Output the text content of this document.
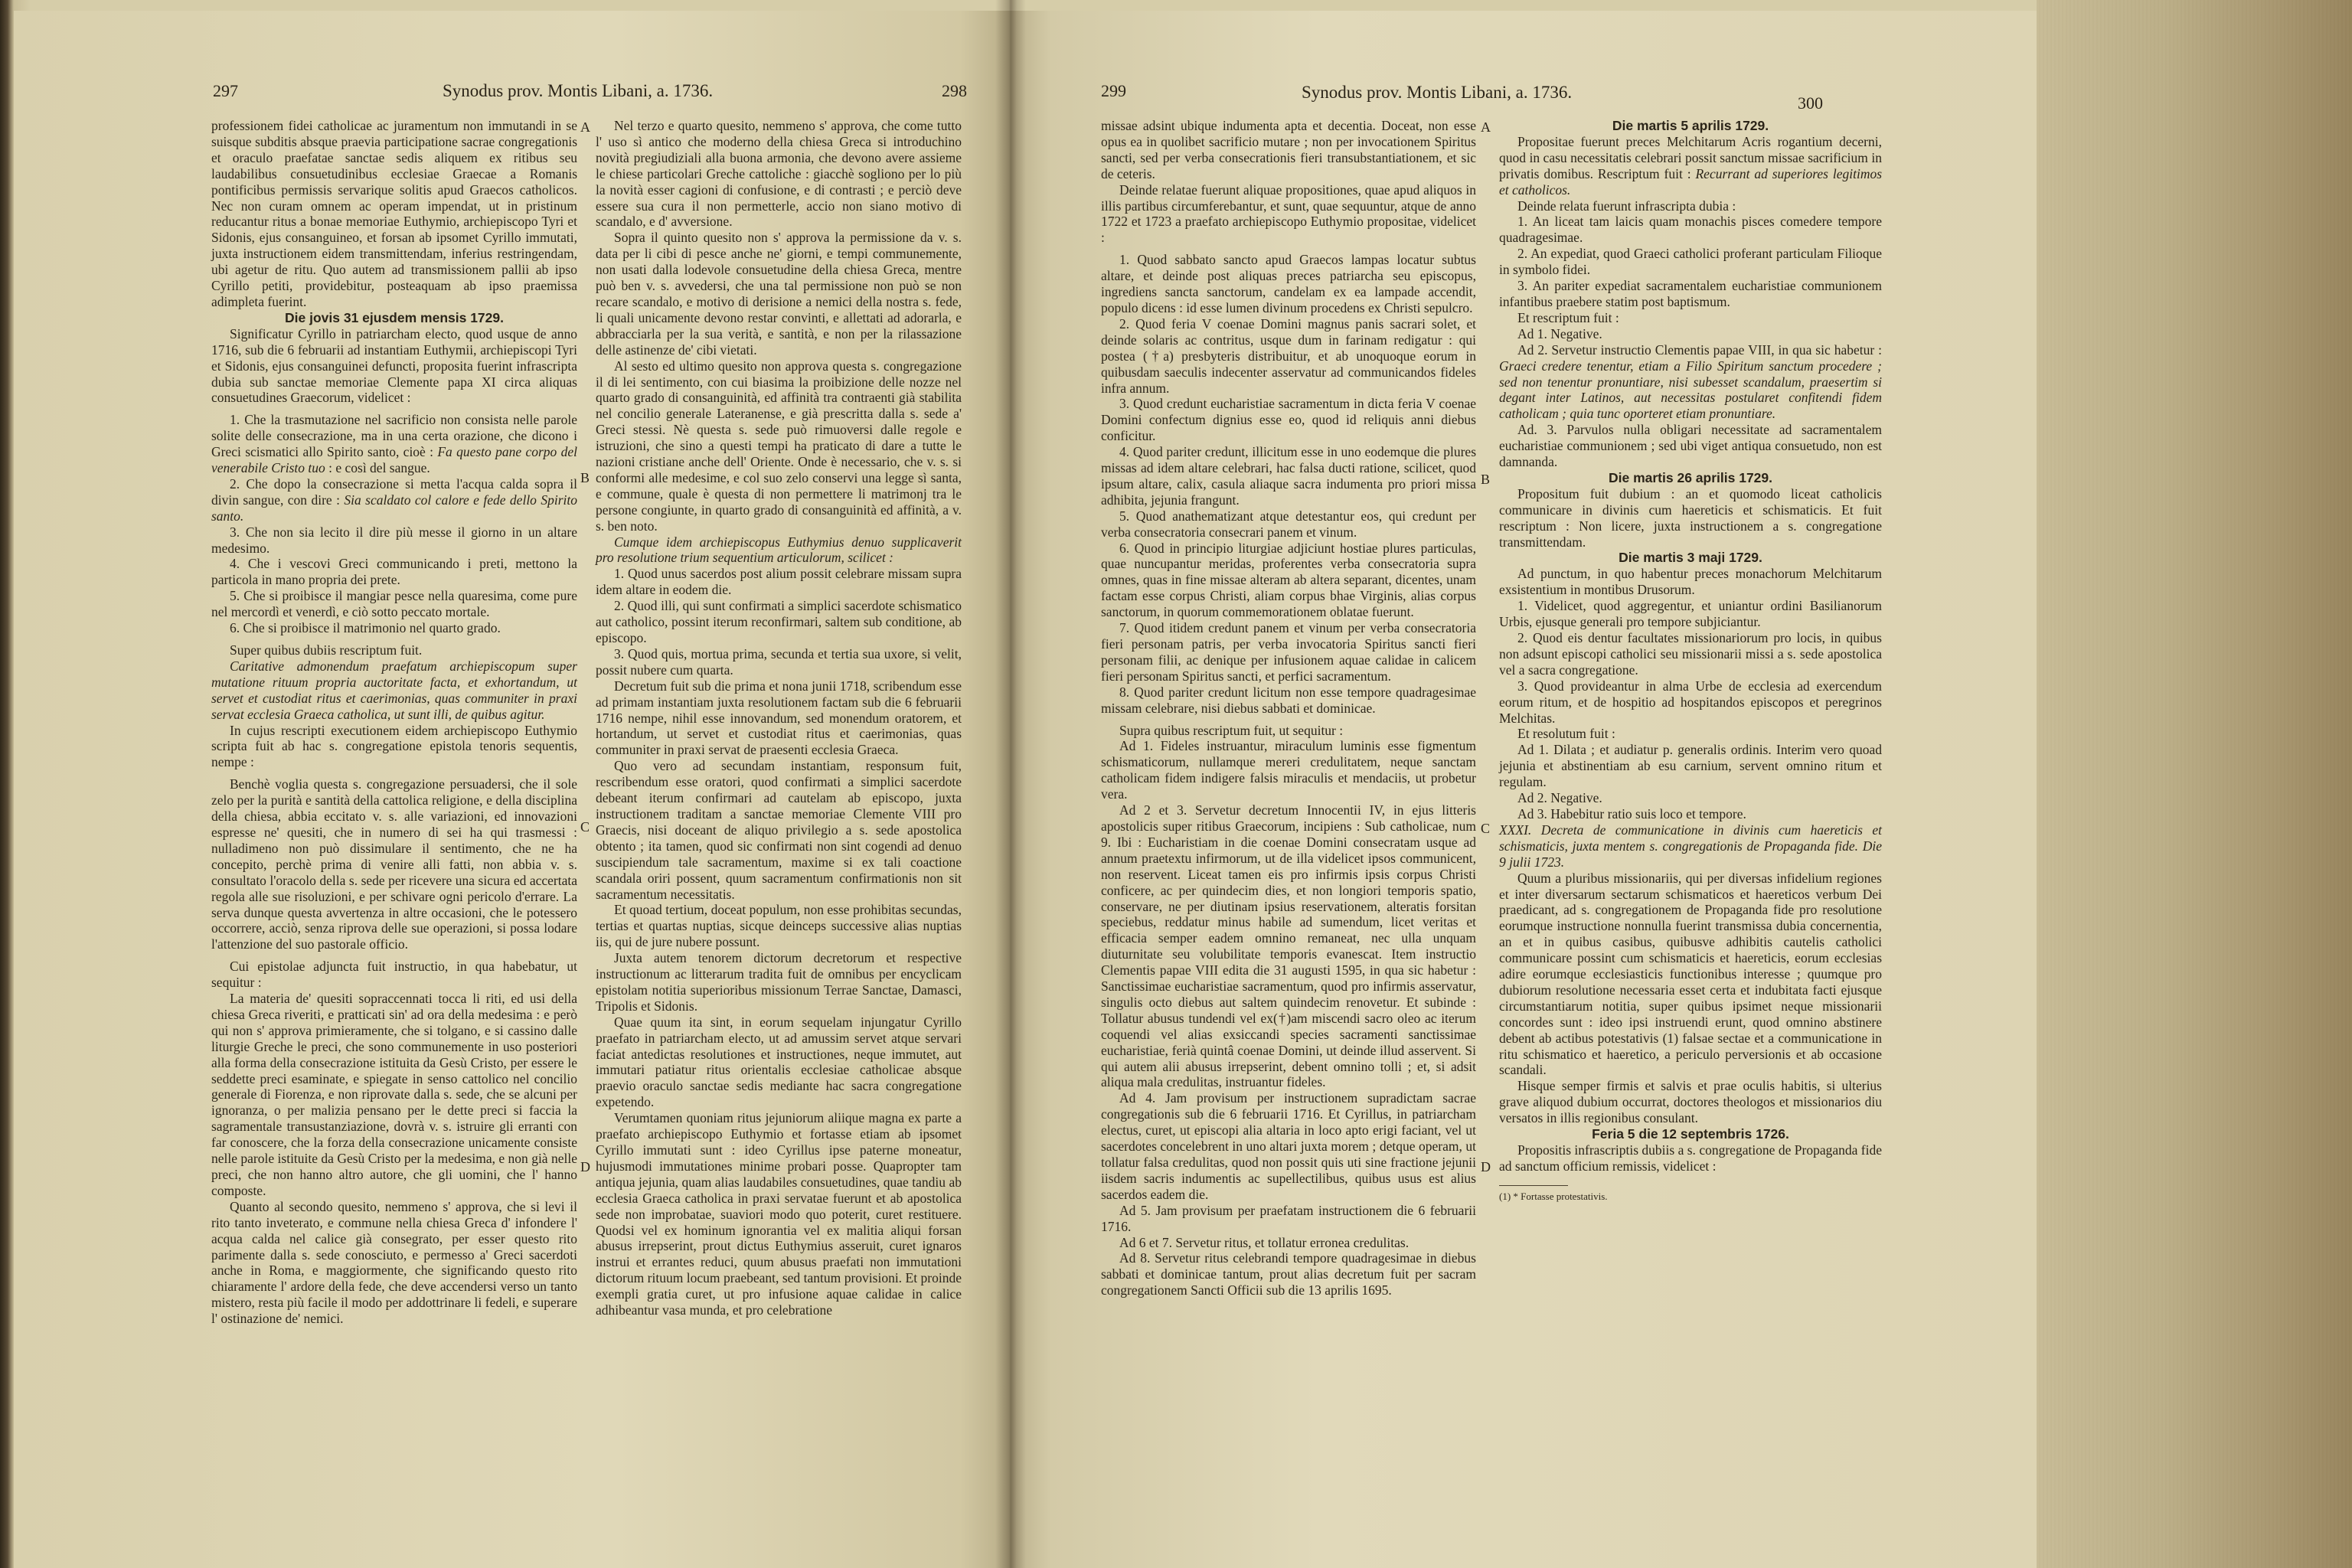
297	298
Synodus prov. Montis Libani, a. 1736.
A
B
C
D

professionem fidei catholicae ac juramentum non immutandi in se suisque subditis absque praevia participatione sacrae congregationis et oraculo praefatae sanctae sedis aliquem ex ritibus seu laudabilibus consuetudinibus ecclesiae Graecae a Romanis pontificibus permissis servarique solitis apud Graecos catholicos. Nec non curam omnem ac operam impendat, ut in pristinum reducantur ritus a bonae memoriae Euthymio, archiepiscopo Tyri et Sidonis, ejus consanguineo, et forsan ab ipsomet Cyrillo immutati, juxta instructionem eidem transmittendam, inferius restringendam, ubi agetur de ritu. Quo autem ad transmissionem pallii ab ipso Cyrillo petiti, providebitur, posteaquam ab ipso praemissa adimpleta fuerint.

Die jovis 31 ejusdem mensis 1729.

Significatur Cyrillo in patriarcham electo, quod usque de anno 1716, sub die 6 februarii ad instantiam Euthymii, archiepiscopi Tyri et Sidonis, ejus consanguinei defuncti, proposita fuerint infrascripta dubia sub sanctae memoriae Clemente papa XI circa aliquas consuetudines Graecorum, videlicet :

1. Che la trasmutazione nel sacrificio non consista nelle parole solite delle consecrazione, ma in una certa orazione, che dicono i Greci scismatici allo Spirito santo, cioè : Fa questo pane corpo del venerabile Cristo tuo : e così del sangue.

2. Che dopo la consecrazione si metta l'acqua calda sopra il divin sangue, con dire : Sia scaldato col calore e fede dello Spirito santo.

3. Che non sia lecito il dire più messe il giorno in un altare medesimo.

4. Che i vescovi Greci communicando i preti, mettono la particola in mano propria dei prete.

5. Che si proibisce il mangiar pesce nella quaresima, come pure nel mercordì et venerdì, e ciò sotto peccato mortale.

6. Che si proibisce il matrimonio nel quarto grado.

Super quibus dubiis rescriptum fuit.

Caritative admonendum praefatum archiepiscopum super mutatione rituum propria auctoritate facta, et exhortandum, ut servet et custodiat ritus et caerimonias, quas communiter in praxi servat ecclesia Graeca catholica, ut sunt illi, de quibus agitur.

In cujus rescripti executionem eidem archiepiscopo Euthymio scripta fuit ab hac s. congregatione epistola tenoris sequentis, nempe :

Benchè voglia questa s. congregazione persuadersi, che il sole zelo per la purità e santità della cattolica religione, e della disciplina della chiesa, abbia eccitato v. s. alle variazioni, ed innovazioni espresse ne' quesiti, che in numero di sei ha qui trasmessi : nulladimeno non può dissimulare il sentimento, che ne ha concepito, perchè prima di venire alli fatti, non abbia v. s. consultato l'oracolo della s. sede per ricevere una sicura ed accertata regola alle sue risoluzioni, e per schivare ogni pericolo d'errare. La serva dunque questa avvertenza in altre occasioni, che le potessero occorrere, acciò, senza riprova delle sue operazioni, si possa lodare l'attenzione del suo pastorale officio.

Cui epistolae adjuncta fuit instructio, in qua habebatur, ut sequitur :

La materia de' quesiti sopraccennati tocca li riti, ed usi della chiesa Greca riveriti, e pratticati sin' ad ora della medesima : e però qui non s' approva primieramente, che si tolgano, e si cassino dalle liturgie Greche le preci, che sono communemente in uso posteriori alla forma della consecrazione istituita da Gesù Cristo, per essere le seddette preci esaminate, e spiegate in senso cattolico nel concilio generale di Fiorenza, e non riprovate dalla s. sede, che se alcuni per ignoranza, o per malizia pensano per le dette preci si faccia la sagramentale transustanziazione, dovrà v. s. istruire gli erranti con far conoscere, che la forza della consecrazione unicamente consiste nelle parole istituite da Gesù Cristo per la medesima, e non già nelle preci, che non hanno altro autore, che gli uomini, che l' hanno composte.

Quanto al secondo quesito, nemmeno s' approva, che si levi il rito tanto inveterato, e commune nella chiesa Greca d' infondere l' acqua calda nel calice già consegrato, per esser questo rito parimente dalla s. sede conosciuto, e permesso a' Greci sacerdoti anche in Roma, e maggiormente, che significando questo rito chiaramente l' ardore della fede, che deve accendersi verso un tanto mistero, resta più facile il modo per addottrinare li fedeli, e superare l' ostinazione de' nemici.

Nel terzo e quarto quesito, nemmeno s' approva, che come tutto l' uso sì antico che moderno della chiesa Greca si introduchino novità pregiudiziali alla buona armonia, che devono avere assieme le chiese particolari Greche cattoliche : giacchè sogliono per lo più la novità esser cagioni di confusione, e di contrasti ; e perciò deve essere sua cura il non permetterle, accio non siano motivo di scandalo, e d' avversione.

Sopra il quinto quesito non s' approva la permissione da v. s. data per li cibi di pesce anche ne' giorni, e tempi communemente, non usati dalla lodevole consuetudine della chiesa Greca, mentre può ben v. s. avvedersi, che una tal permissione non può se non recare scandalo, e motivo di derisione a nemici della nostra s. fede, li quali unicamente devono restar convinti, e allettati ad adorarla, e abbracciarla per la sua verità, e santità, e non per la rilassazione delle astinenze de' cibi vietati.

Al sesto ed ultimo quesito non approva questa s. congregazione il di lei sentimento, con cui biasima la proibizione delle nozze nel quarto grado di consanguinità, ed affinità tra contraenti già stabilita nel concilio generale Lateranense, e già prescritta dalla s. sede a' Greci stessi. Nè questa s. sede può rimuoversi dalle regole e istruzioni, che sino a questi tempi ha praticato di dare a tutte le nazioni cristiane anche dell' Oriente. Onde è necessario, che v. s. si conformi alle medesime, e col suo zelo conservi una legge sì santa, e commune, quale è questa di non permettere li matrimonj tra le persone congiunte, in quarto grado di consanguinità ed affinità, a v. s. ben noto.

Cumque idem archiepiscopus Euthymius denuo supplicaverit pro resolutione trium sequentium articulorum, scilicet :

1. Quod unus sacerdos post alium possit celebrare missam supra idem altare in eodem die.

2. Quod illi, qui sunt confirmati a simplici sacerdote schismatico aut catholico, possint iterum reconfirmari, saltem sub conditione, ab episcopo.

3. Quod quis, mortua prima, secunda et tertia sua uxore, si velit, possit nubere cum quarta.

Decretum fuit sub die prima et nona junii 1718, scribendum esse ad primam instantiam juxta resolutionem factam sub die 6 februarii 1716 nempe, nihil esse innovandum, sed monendum oratorem, et hortandum, ut servet et custodiat ritus et caerimonias, quas communiter in praxi servat de praesenti ecclesia Graeca.

Quo vero ad secundam instantiam, responsum fuit, rescribendum esse oratori, quod confirmati a simplici sacerdote debeant iterum confirmari ad cautelam ab episcopo, juxta instructionem traditam a sanctae memoriae Clemente VIII pro Graecis, nisi doceant de aliquo privilegio a s. sede apostolica obtento ; ita tamen, quod sic confirmati non sint cogendi ad denuo suscipiendum tale sacramentum, maxime si ex tali coactione scandala oriri possent, quum sacramentum confirmationis non sit sacramentum necessitatis.

Et quoad tertium, doceat populum, non esse prohibitas secundas, tertias et quartas nuptias, sicque deinceps successive alias nuptias iis, qui de jure nubere possunt.

Juxta autem tenorem dictorum decretorum et respective instructionum ac litterarum tradita fuit de omnibus per encyclicam epistolam notitia superioribus missionum Terrae Sanctae, Damasci, Tripolis et Sidonis.

Quae quum ita sint, in eorum sequelam injungatur Cyrillo praefato in patriarcham electo, ut ad amussim servet atque servari faciat antedictas resolutiones et instructiones, neque immutet, aut immutari patiatur ritus orientalis ecclesiae catholicae absque praevio oraculo sanctae sedis mediante hac sacra congregatione expetendo.

Verumtamen quoniam ritus jejuniorum aliique magna ex parte a praefato archiepiscopo Euthymio et fortasse etiam ab ipsomet Cyrillo immutati sunt : ideo Cyrillus ipse paterne moneatur, hujusmodi immutationes minime probari posse. Quapropter tam antiqua jejunia, quam alias laudabiles consuetudines, quae tandiu ab ecclesia Graeca catholica in praxi servatae fuerunt et ab apostolica sede non improbatae, suaviori modo quo poterit, curet restituere. Quodsi vel ex hominum ignorantia vel ex malitia aliqui forsan abusus irrepserint, prout dictus Euthymius asseruit, curet ignaros instrui et errantes reduci, quum abusus praefati non immutationi dictorum rituum locum praebeant, sed tantum provisioni. Et proinde exempli gratia curet, ut pro infusione aquae calidae in calice adhibeantur vasa munda, et pro celebratione

299
300
Synodus prov. Montis Libani, a. 1736.
A
B
C
D

missae adsint ubique indumenta apta et decentia. Doceat, non esse opus ea in quolibet sacrificio mutare ; non per invocationem Spiritus sancti, sed per verba consecrationis fieri transubstantiationem, et sic de ceteris.

Deinde relatae fuerunt aliquae propositiones, quae apud aliquos in illis partibus circumferebantur, et sunt, quae sequuntur, atque de anno 1722 et 1723 a praefato archiepiscopo Euthymio propositae, videlicet :

1. Quod sabbato sancto apud Graecos lampas locatur subtus altare, et deinde post aliquas preces patriarcha seu episcopus, ingrediens sancta sanctorum, candelam ex ea lampade accendit, populo dicens : id esse lumen divinum procedens ex Christi sepulcro.

2. Quod feria V coenae Domini magnus panis sacrari solet, et deinde solaris ac contritus, usque dum in farinam redigatur : qui postea (†a) presbyteris distribuitur, et ab unoquoque eorum in quibusdam saeculis indecenter asservatur ad communicandos fideles infra annum.

3. Quod credunt eucharistiae sacramentum in dicta feria V coenae Domini confectum dignius esse eo, quod id reliquis anni diebus conficitur.

4. Quod pariter credunt, illicitum esse in uno eodemque die plures missas ad idem altare celebrari, hac falsa ducti ratione, scilicet, quod ipsum altare, calix, casula aliaque sacra indumenta pro priori missa adhibita, jejunia frangunt.

5. Quod anathematizant atque detestantur eos, qui credunt per verba consecratoria consecrari panem et vinum.

6. Quod in principio liturgiae adjiciunt hostiae plures particulas, quae nuncupantur meridas, proferentes verba consecratoria supra omnes, quas in fine missae alteram ab altera separant, dicentes, unam factam esse corpus Christi, aliam corpus bhae Virginis, alias corpus sanctorum, in quorum commemorationem oblatae fuerunt.

7. Quod itidem credunt panem et vinum per verba consecratoria fieri personam patris, per verba invocatoria Spiritus sancti fieri personam filii, ac denique per infusionem aquae calidae in calicem fieri personam Spiritus sancti, et perfici sacramentum.

8. Quod pariter credunt licitum non esse tempore quadragesimae missam celebrare, nisi diebus sabbati et dominicae.

Supra quibus rescriptum fuit, ut sequitur :

Ad 1. Fideles instruantur, miraculum luminis esse figmentum schismaticorum, nullamque mereri credulitatem, neque sanctam catholicam fidem indigere falsis miraculis et mendaciis, ut probetur vera.

Ad 2 et 3. Servetur decretum Innocentii IV, in ejus litteris apostolicis super ritibus Graecorum, incipiens : Sub catholicae, num 9. Ibi : Eucharistiam in die coenae Domini consecratam usque ad annum praetextu infirmorum, ut de illa videlicet ipsos communicent, non reservent. Liceat tamen eis pro infirmis ipsis corpus Christi conficere, ac per quindecim dies, et non longiori temporis spatio, conservare, ne per diutinam ipsius reservationem, alteratis forsitan speciebus, reddatur minus habile ad sumendum, licet veritas et efficacia semper eadem omnino remaneat, nec ulla unquam diuturnitate seu volubilitate temporis evanescat. Item instructio Clementis papae VIII edita die 31 augusti 1595, in qua sic habetur : Sanctissimae eucharistiae sacramentum, quod pro infirmis asservatur, singulis octo diebus aut saltem quindecim renovetur. Et subinde : Tollatur abusus tundendi vel ex(†)am miscendi sacro oleo ac iterum coquendi vel alias exsiccandi species sacramenti sanctissimae eucharistiae, ferià quintâ coenae Domini, ut deinde illud asservent. Si qui autem alii abusus irrepserint, debent omnino tolli ; et, si adsit aliqua mala credulitas, instruantur fideles.

Ad 4. Jam provisum per instructionem supradictam sacrae congregationis sub die 6 februarii 1716. Et Cyrillus, in patriarcham electus, curet, ut episcopi alia altaria in loco apto erigi faciant, vel ut sacerdotes concelebrent in uno altari juxta morem ; detque operam, ut tollatur falsa credulitas, quod non possit quis uti sine fractione jejunii iisdem sacris indumentis ac supellectilibus, quibus usus est alius sacerdos eadem die.

Ad 5. Jam provisum per praefatam instructionem die 6 februarii 1716.

Ad 6 et 7. Servetur ritus, et tollatur erronea credulitas.

Ad 8. Servetur ritus celebrandi tempore quadragesimae in diebus sabbati et dominicae tantum, prout alias decretum fuit per sacram congregationem Sancti Officii sub die 13 aprilis 1695.

Die martis 5 aprilis 1729.

Propositae fuerunt preces Melchitarum Acris rogantium decerni, quod in casu necessitatis celebrari possit sanctum missae sacrificium in privatis domibus. Rescriptum fuit : Recurrant ad superiores legitimos et catholicos.

Deinde relata fuerunt infrascripta dubia :

1. An liceat tam laicis quam monachis pisces comedere tempore quadragesimae.

2. An expediat, quod Graeci catholici proferant particulam Filioque in symbolo fidei.

3. An pariter expediat sacramentalem eucharistiae communionem infantibus praebere statim post baptismum.

Et rescriptum fuit :

Ad 1. Negative.

Ad 2. Servetur instructio Clementis papae VIII, in qua sic habetur : Graeci credere tenentur, etiam a Filio Spiritum sanctum procedere ; sed non tenentur pronuntiare, nisi subesset scandalum, praesertim si degant inter Latinos, aut necessitas postularet confitendi fidem catholicam ; quia tunc oporteret etiam pronuntiare.

Ad. 3. Parvulos nulla obligari necessitate ad sacramentalem eucharistiae communionem ; sed ubi viget antiqua consuetudo, non est damnanda.

Die martis 26 aprilis 1729.

Propositum fuit dubium : an et quomodo liceat catholicis communicare in divinis cum haereticis et schismaticis. Et fuit rescriptum : Non licere, juxta instructionem a s. congregatione transmittendam.

Die martis 3 maji 1729.

Ad punctum, in quo habentur preces monachorum Melchitarum exsistentium in montibus Drusorum.

1. Videlicet, quod aggregentur, et uniantur ordini Basilianorum Urbis, ejusque generali pro tempore subjiciantur.

2. Quod eis dentur facultates missionariorum pro locis, in quibus non adsunt episcopi catholici seu missionarii missi a s. sede apostolica vel a sacra congregatione.

3. Quod provideantur in alma Urbe de ecclesia ad exercendum eorum ritum, et de hospitio ad hospitandos episcopos et peregrinos Melchitas.

Et resolutum fuit :

Ad 1. Dilata ; et audiatur p. generalis ordinis. Interim vero quoad jejunia et abstinentiam ab esu carnium, servent omnino ritum et regulam.

Ad 2. Negative.

Ad 3. Habebitur ratio suis loco et tempore.

XXXI. Decreta de communicatione in divinis cum haereticis et schismaticis, juxta mentem s. congregationis de Propaganda fide. Die 9 julii 1723.

Quum a pluribus missionariis, qui per diversas infidelium regiones et inter diversarum sectarum schismaticos et haereticos verbum Dei praedicant, ad s. congregationem de Propaganda fide pro resolutione eorumque instructione nonnulla fuerint transmissa dubia concernentia, an et in quibus casibus, quibusve adhibitis cautelis catholici communicare possint cum schismaticis et haereticis, eorum ecclesias adire eorumque ecclesiasticis functionibus interesse ; quumque pro dubiorum resolutione necessaria esset certa et indubitata facti ejusque circumstantiarum notitia, super quibus ipsimet neque missionarii concordes sunt : ideo ipsi instruendi erunt, quod omnino abstinere debent ab actibus potestativis (1) falsae sectae et a communicatione in ritu schismatico et haeretico, a periculo perversionis et ab occasione scandali.

Hisque semper firmis et salvis et prae oculis habitis, si ulterius grave aliquod dubium occurrat, doctores theologos et missionarios diu versatos in illis regionibus consulant.

Feria 5 die 12 septembris 1726.

Propositis infrascriptis dubiis a s. congregatione de Propaganda fide ad sanctum officium remissis, videlicet :

(1) * Fortasse protestativis.
